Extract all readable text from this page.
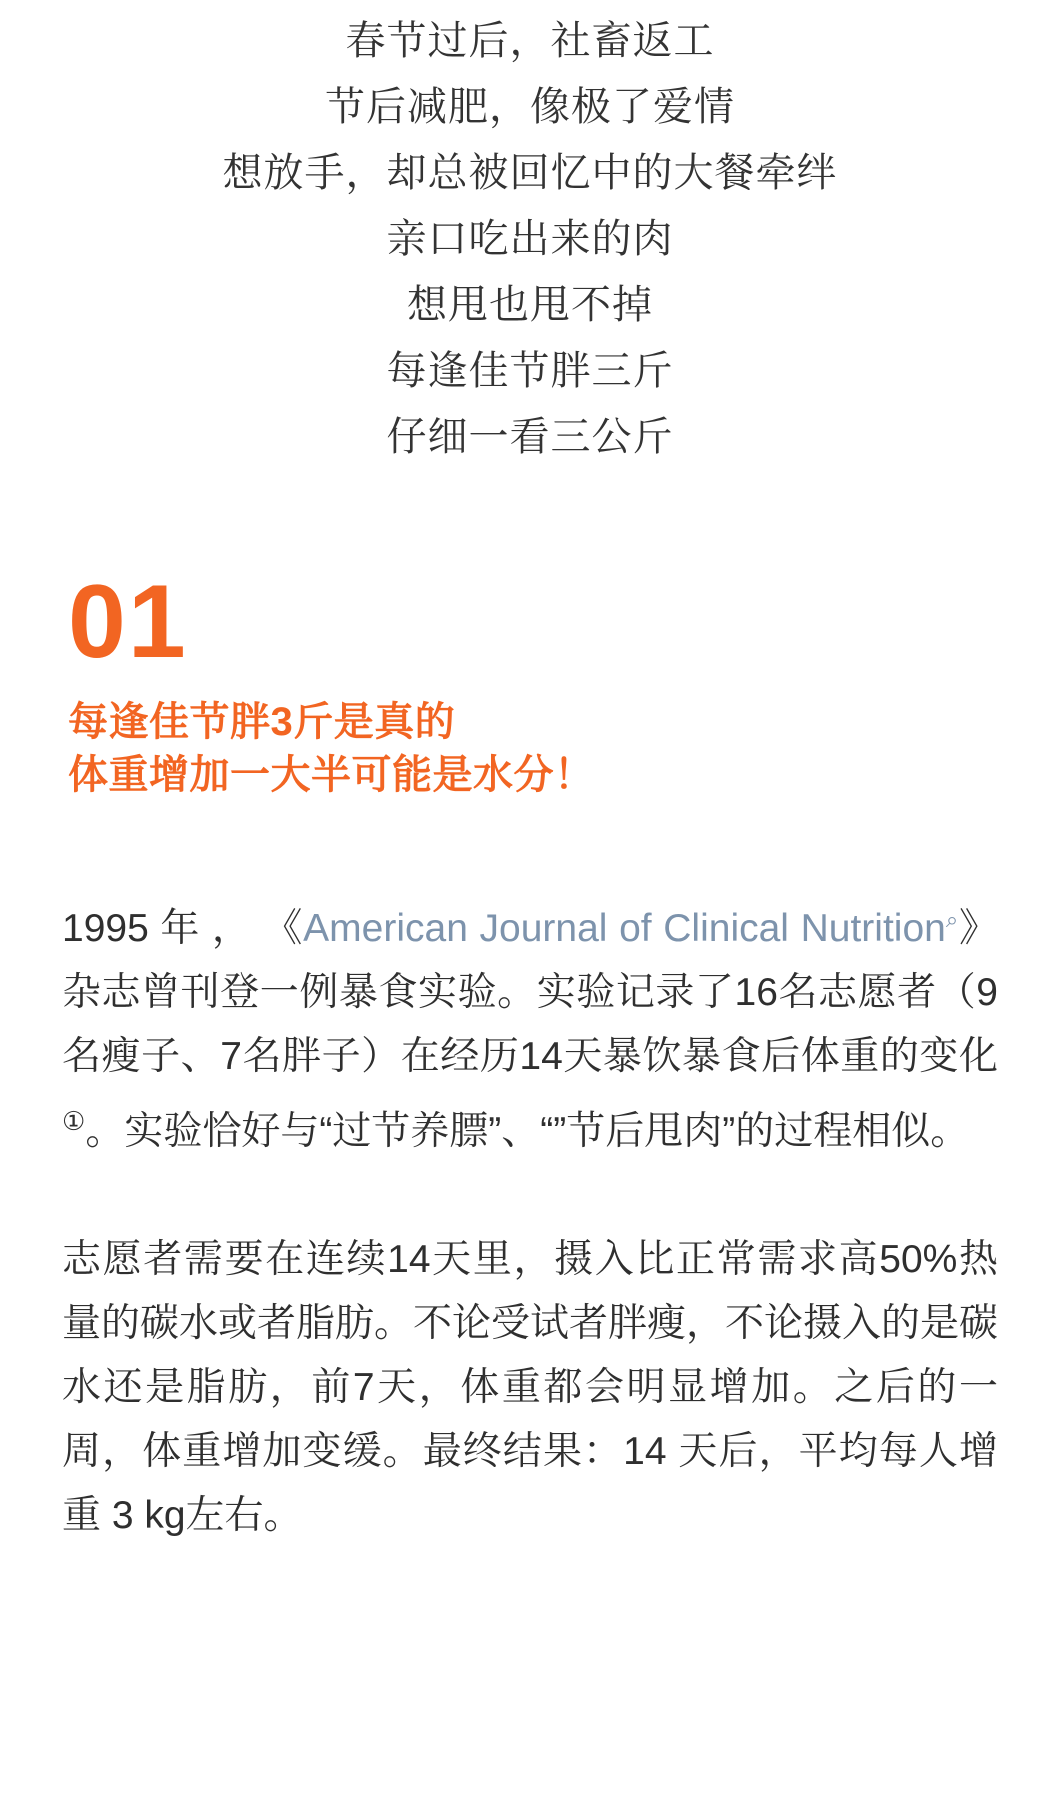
春节过后，社畜返工
节后减肥，像极了爱情
想放手，却总被回忆中的大餐牵绊
亲口吃出来的肉
想甩也甩不掉
每逢佳节胖三斤
仔细一看三公斤
01
每逢佳节胖3斤是真的
体重增加一大半可能是水分！

1995 年 ， 《American Journal of Clinical Nutrition⌕》杂志曾刊登一例暴食实验。实验记录了16名志愿者（9 名瘦子、7名胖子）在经历14天暴饮暴食后体重的变化①。实验恰好与“过节养膘”、“”节后甩肉”的过程相似。

志愿者需要在连续14天里，摄入比正常需求高50%热量的碳水或者脂肪。不论受试者胖瘦，不论摄入的是碳水还是脂肪，前7天，体重都会明显增加。之后的一周，体重增加变缓。最终结果：14 天后，平均每人增重 3 kg左右。
